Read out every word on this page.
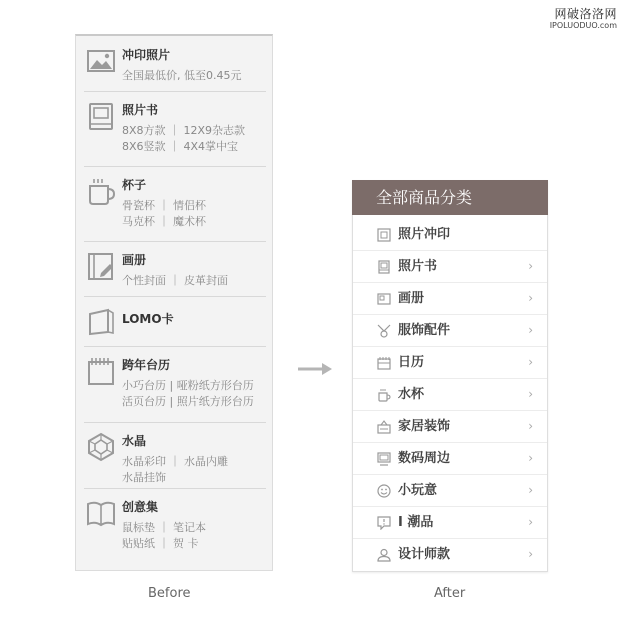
网破洛洛网
IPOLUODUO.com
冲印照片
全国最低价, 低至0.45元
照片书
8X8方款 ｜ 12X9杂志款
8X6竖款 ｜ 4X4掌中宝
杯子
骨瓷杯 ｜ 情侣杯
马克杯 ｜ 魔术杯
画册
个性封面 ｜ 皮革封面
LOMO卡
跨年台历
小巧台历 | 哑粉纸方形台历
活页台历 | 照片纸方形台历
水晶
水晶彩印 ｜ 水晶内雕
水晶挂饰
创意集
鼠标垫 ｜ 笔记本
贴贴纸 ｜ 贺 卡
全部商品分类
照片冲印
照片书	›
画册	›
服饰配件	›
日历	›
水杯	›
家居装饰	›
数码周边	›
小玩意	›
I 潮品	›
设计师款	›
Before	After
